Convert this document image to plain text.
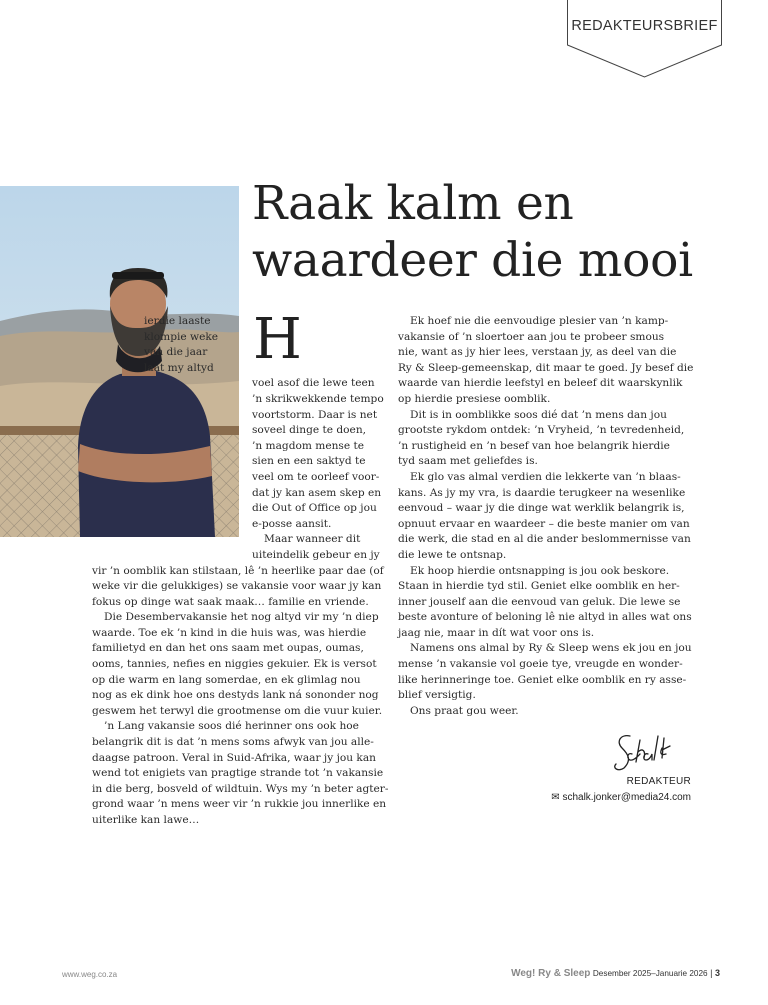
REDAKTEURSBRIEF
Raak kalm en
waardeer die mooi
H
ierdie laaste
klompie weke
van die jaar
laat my altyd
voel asof die lewe teen
’n skrikwekkende tempo
voortstorm. Daar is net
soveel dinge te doen,
’n magdom mense te
sien en een saktyd te
veel om te oorleef voor-
dat jy kan asem skep en
die Out of Office op jou
e-posse aansit.
Maar wanneer dit
uiteindelik gebeur en jy
vir ’n oomblik kan stilstaan, lê ’n heerlike paar dae (of
weke vir die gelukkiges) se vakansie voor waar jy kan
fokus op dinge wat saak maak… familie en vriende.
Die Desembervakansie het nog altyd vir my ’n diep
waarde. Toe ek ’n kind in die huis was, was hierdie
familietyd en dan het ons saam met oupas, oumas,
ooms, tannies, nefies en niggies gekuier. Ek is versot
op die warm en lang somerdae, en ek glimlag nou
nog as ek dink hoe ons destyds lank ná sononder nog
geswem het terwyl die grootmense om die vuur kuier.
’n Lang vakansie soos dié herinner ons ook hoe
belangrik dit is dat ’n mens soms afwyk van jou alle-
daagse patroon. Veral in Suid-Afrika, waar jy jou kan
wend tot enigiets van pragtige strande tot ’n vakansie
in die berg, bosveld of wildtuin. Wys my ’n beter agter-
grond waar ’n mens weer vir ’n rukkie jou innerlike en
uiterlike kan lawe…
Ek hoef nie die eenvoudige plesier van ’n kamp-
vakansie of ’n sloertoer aan jou te probeer smous
nie, want as jy hier lees, verstaan jy, as deel van die
Ry & Sleep-gemeenskap, dit maar te goed. Jy besef die
waarde van hierdie leefstyl en beleef dit waarskynlik
op hierdie presiese oomblik.
Dit is in oomblikke soos dié dat ’n mens dan jou
grootste rykdom ontdek: ’n Vryheid, ’n tevredenheid,
’n rustigheid en ’n besef van hoe belangrik hierdie
tyd saam met geliefdes is.
Ek glo vas almal verdien die lekkerte van ’n blaas-
kans. As jy my vra, is daardie terugkeer na wesenlike
eenvoud – waar jy die dinge wat werklik belangrik is,
opnuut ervaar en waardeer – die beste manier om van
die werk, die stad en al die ander beslommernisse van
die lewe te ontsnap.
Ek hoop hierdie ontsnapping is jou ook beskore.
Staan in hierdie tyd stil. Geniet elke oomblik en her-
inner jouself aan die eenvoud van geluk. Die lewe se
beste avonture of beloning lê nie altyd in alles wat ons
jaag nie, maar in dít wat voor ons is.
Namens ons almal by Ry & Sleep wens ek jou en jou
mense ’n vakansie vol goeie tye, vreugde en wonder-
like herinneringe toe. Geniet elke oomblik en ry asse-
blief versigtig.
Ons praat gou weer.
Schalk
REDAKTEUR
✉ schalk.jonker@media24.com
www.weg.co.za	Weg! Ry & Sleep Desember 2025–Januarie 2026 | 3
